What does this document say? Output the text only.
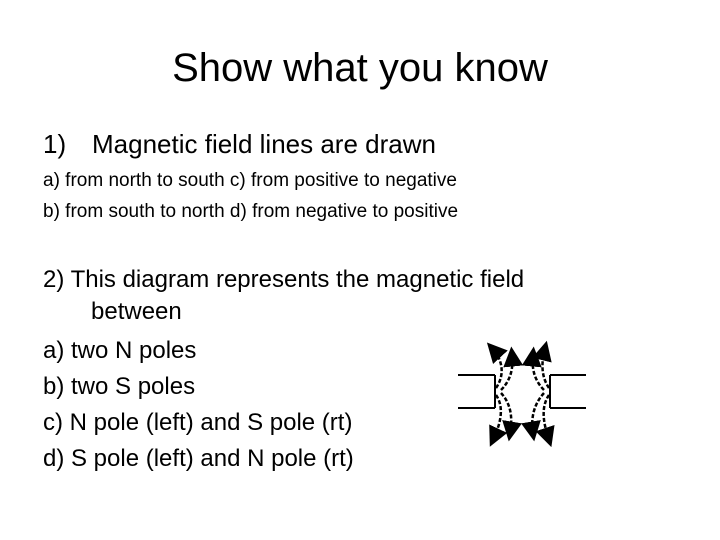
Show what you know
1) Magnetic field lines are drawn
a) from north to south c) from positive to negative
b) from south to north d) from negative to positive
2) This diagram represents the magnetic field
between
a) two N poles
b) two S poles
c) N pole (left) and S pole (rt)
d) S pole (left) and N pole (rt)
